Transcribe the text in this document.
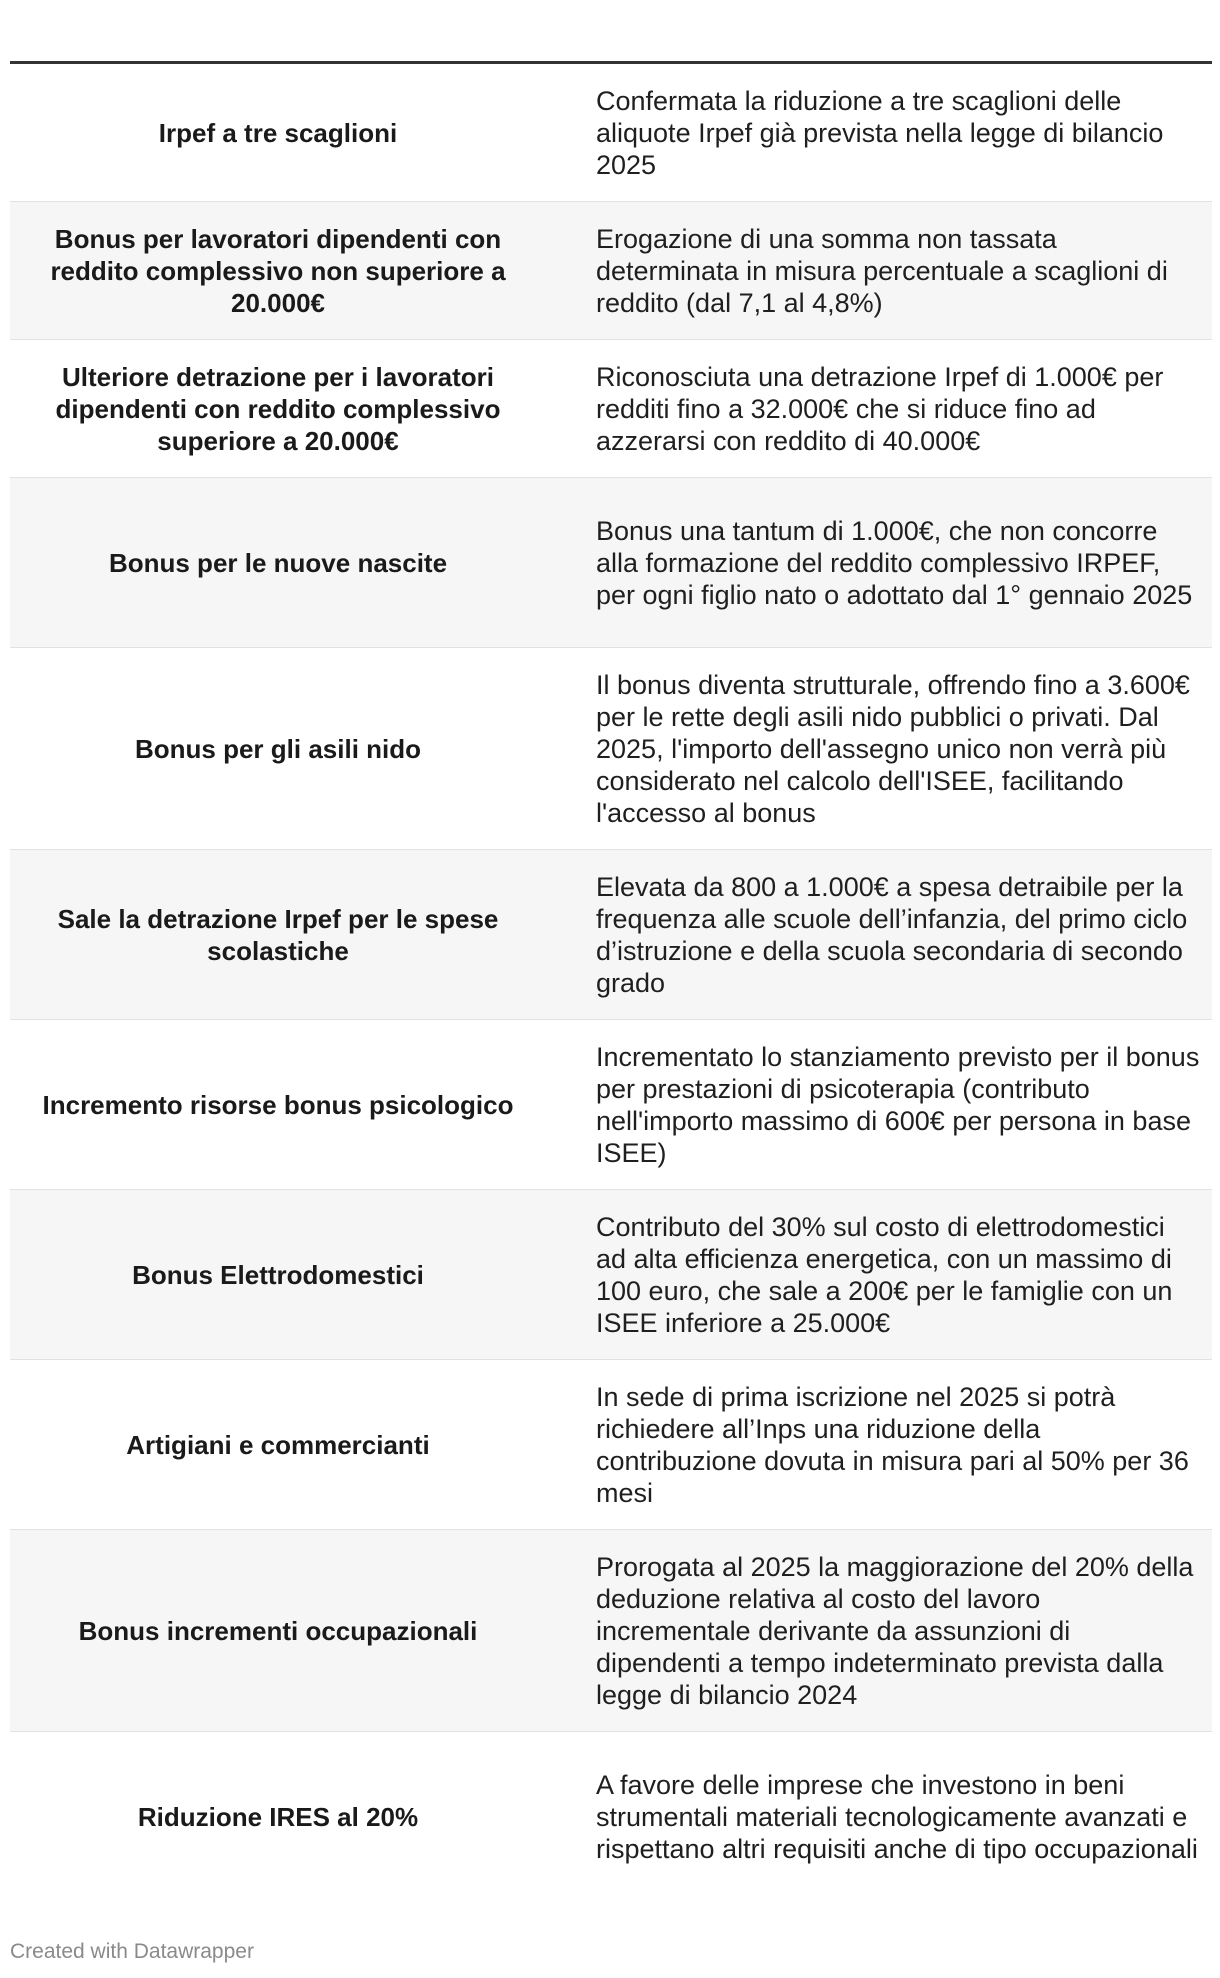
Irpef a tre scaglioni
Confermata la riduzione a tre scaglioni delle aliquote Irpef già prevista nella legge di bilancio 2025
Bonus per lavoratori dipendenti con reddito complessivo non superiore a 20.000€
Erogazione di una somma non tassata determinata in misura percentuale a scaglioni di reddito (dal 7,1 al 4,8%)
Ulteriore detrazione per i lavoratori dipendenti con reddito complessivo superiore a 20.000€
Riconosciuta una detrazione Irpef di 1.000€ per redditi fino a 32.000€ che si riduce fino ad azzerarsi con reddito di 40.000€
Bonus per le nuove nascite
Bonus una tantum di 1.000€, che non concorre alla formazione del reddito complessivo IRPEF, per ogni figlio nato o adottato dal 1° gennaio 2025
Bonus per gli asili nido
Il bonus diventa strutturale, offrendo fino a 3.600€ per le rette degli asili nido pubblici o privati. Dal 2025, l'importo dell'assegno unico non verrà più considerato nel calcolo dell'ISEE, facilitando l'accesso al bonus
Sale la detrazione Irpef per le spese scolastiche
Elevata da 800 a 1.000€ a spesa detraibile per la frequenza alle scuole dell’infanzia, del primo ciclo d’istruzione e della scuola secondaria di secondo grado
Incremento risorse bonus psicologico
Incrementato lo stanziamento previsto per il bonus per prestazioni di psicoterapia (contributo nell'importo massimo di 600€ per persona in base ISEE)
Bonus Elettrodomestici
Contributo del 30% sul costo di elettrodomestici ad alta efficienza energetica, con un massimo di 100 euro, che sale a 200€ per le famiglie con un ISEE inferiore a 25.000€
Artigiani e commercianti
In sede di prima iscrizione nel 2025 si potrà richiedere all’Inps una riduzione della contribuzione dovuta in misura pari al 50% per 36 mesi
Bonus incrementi occupazionali
Prorogata al 2025 la maggiorazione del 20% della deduzione relativa al costo del lavoro incrementale derivante da assunzioni di dipendenti a tempo indeterminato prevista dalla legge di bilancio 2024
Riduzione IRES al 20%
A favore delle imprese che investono in beni strumentali materiali tecnologicamente avanzati e rispettano altri requisiti anche di tipo occupazionali
Created with Datawrapper
